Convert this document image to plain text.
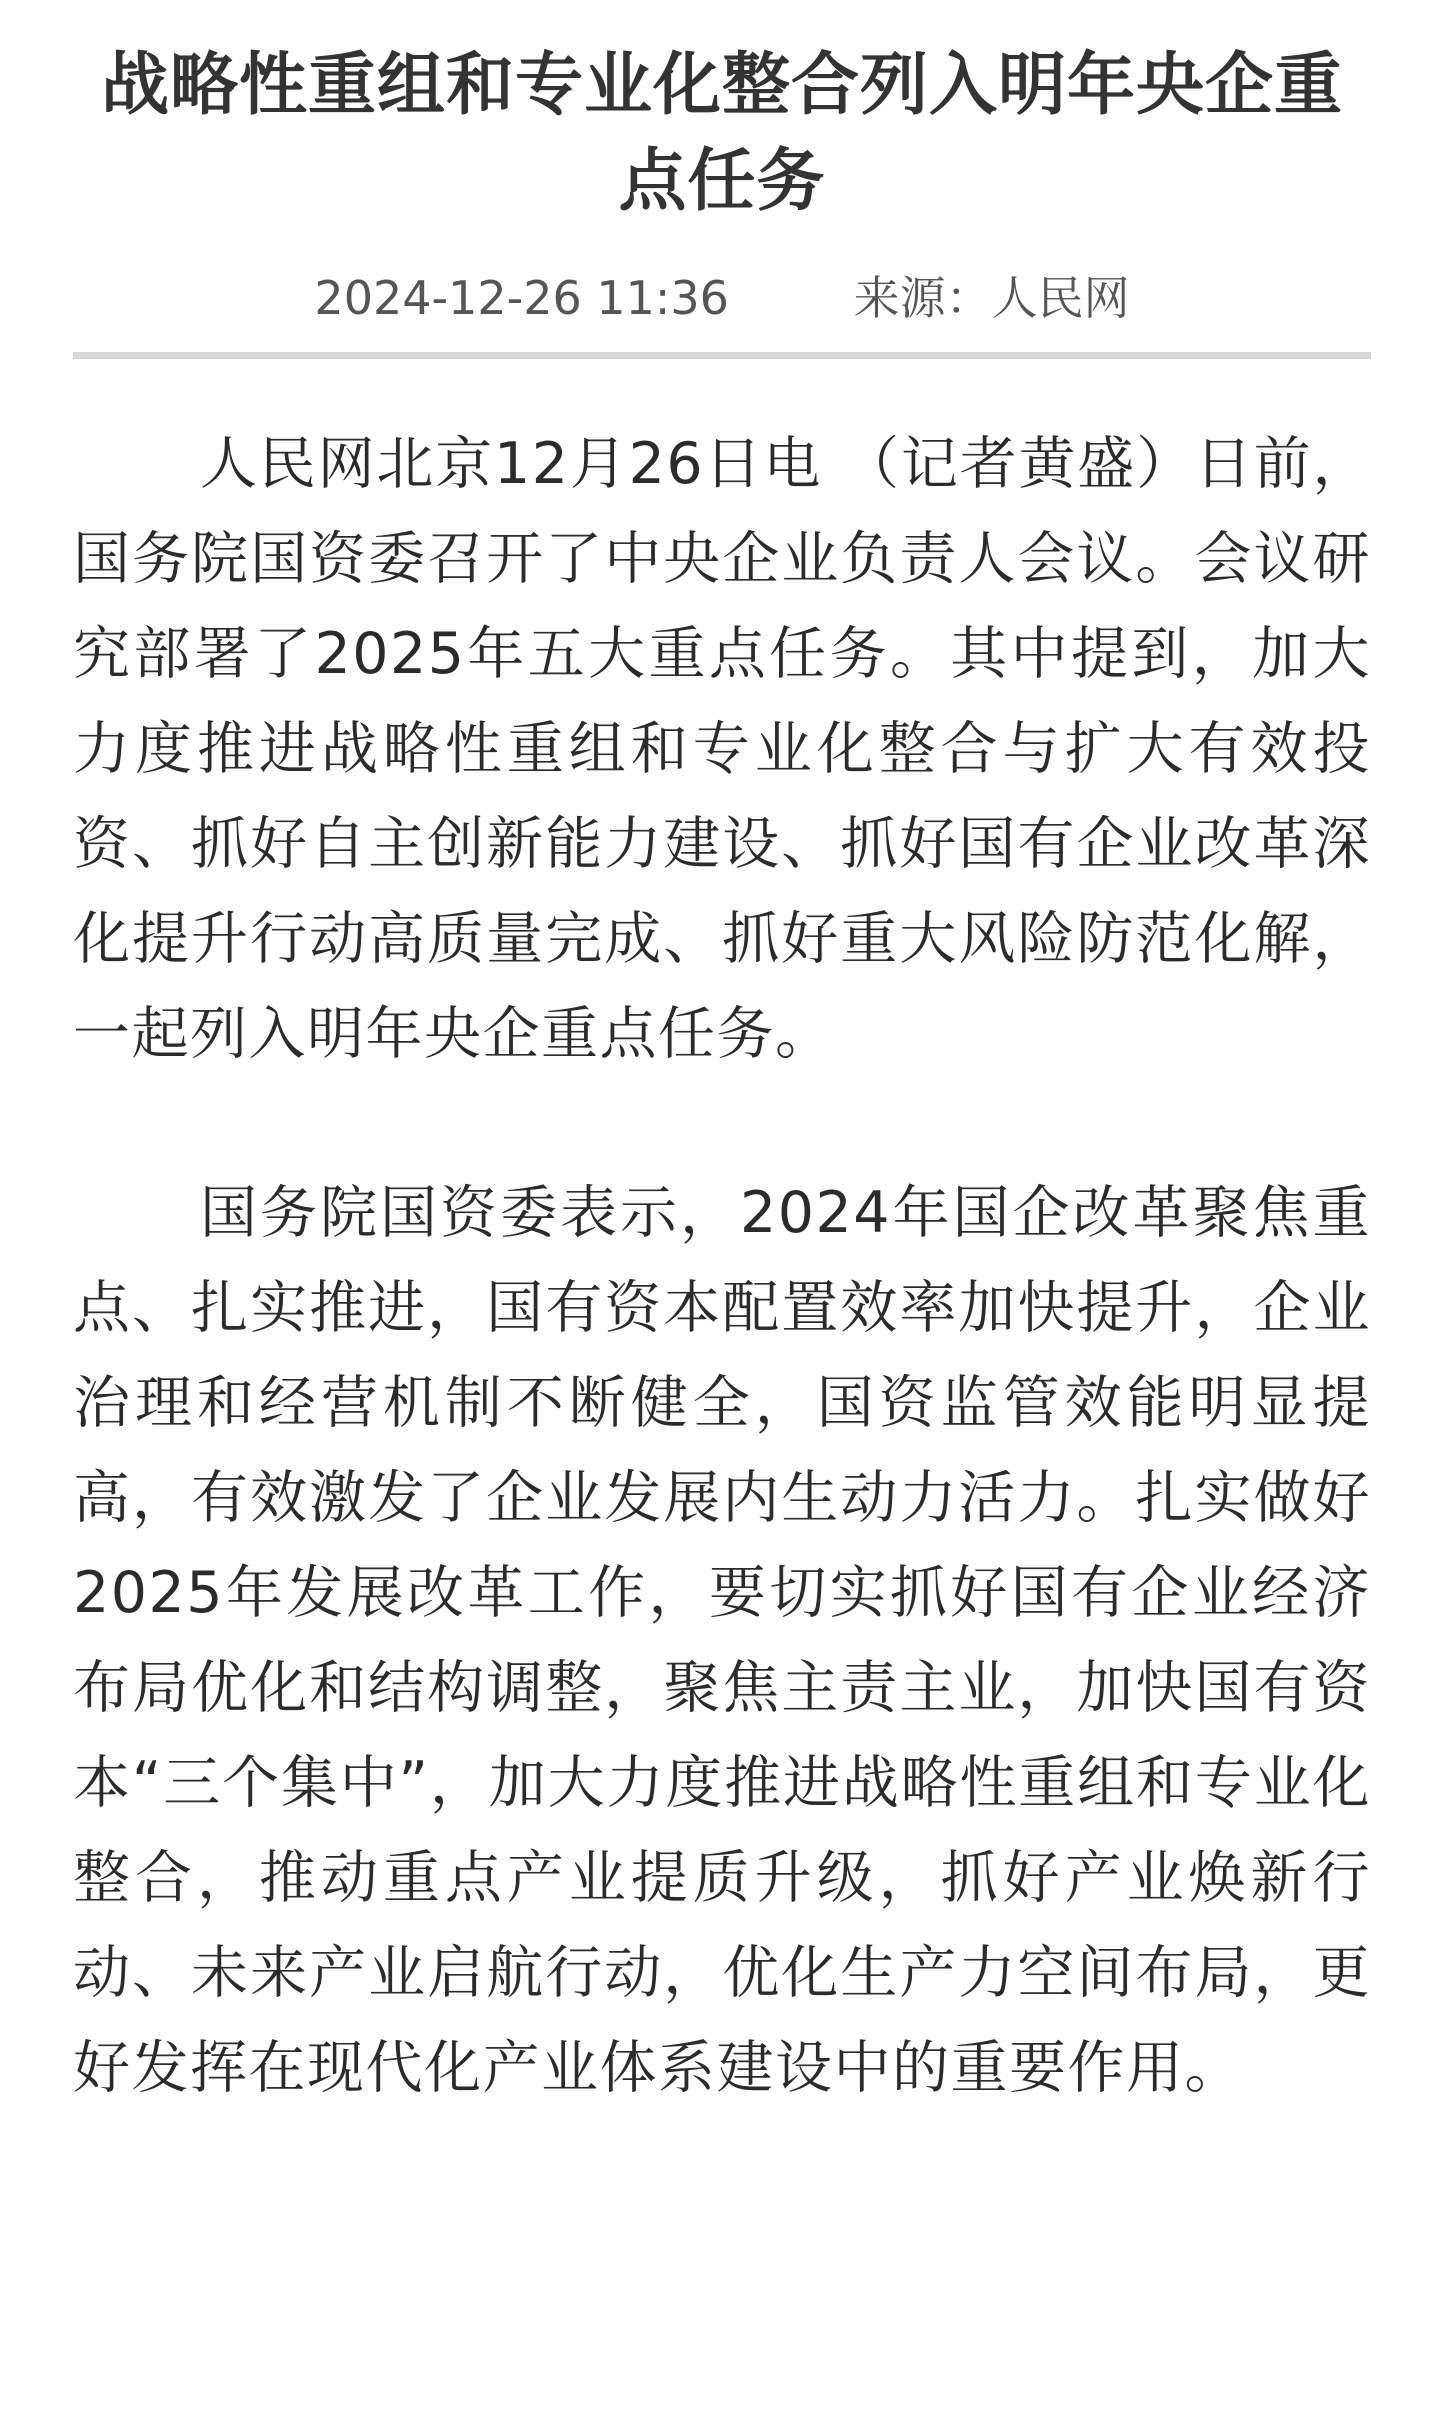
战略性重组和专业化整合列入明年央企重点任务
2024-12-26 11:36	来源：人民网

人民网北京12月26日电 （记者黄盛）日前，国务院国资委召开了中央企业负责人会议。会议研究部署了2025年五大重点任务。其中提到，加大力度推进战略性重组和专业化整合与扩大有效投资、抓好自主创新能力建设、抓好国有企业改革深化提升行动高质量完成、抓好重大风险防范化解，一起列入明年央企重点任务。

国务院国资委表示，2024年国企改革聚焦重点、扎实推进，国有资本配置效率加快提升，企业治理和经营机制不断健全，国资监管效能明显提高，有效激发了企业发展内生动力活力。扎实做好2025年发展改革工作，要切实抓好国有企业经济布局优化和结构调整，聚焦主责主业，加快国有资本“三个集中”，加大力度推进战略性重组和专业化整合，推动重点产业提质升级，抓好产业焕新行动、未来产业启航行动，优化生产力空间布局，更好发挥在现代化产业体系建设中的重要作用。
